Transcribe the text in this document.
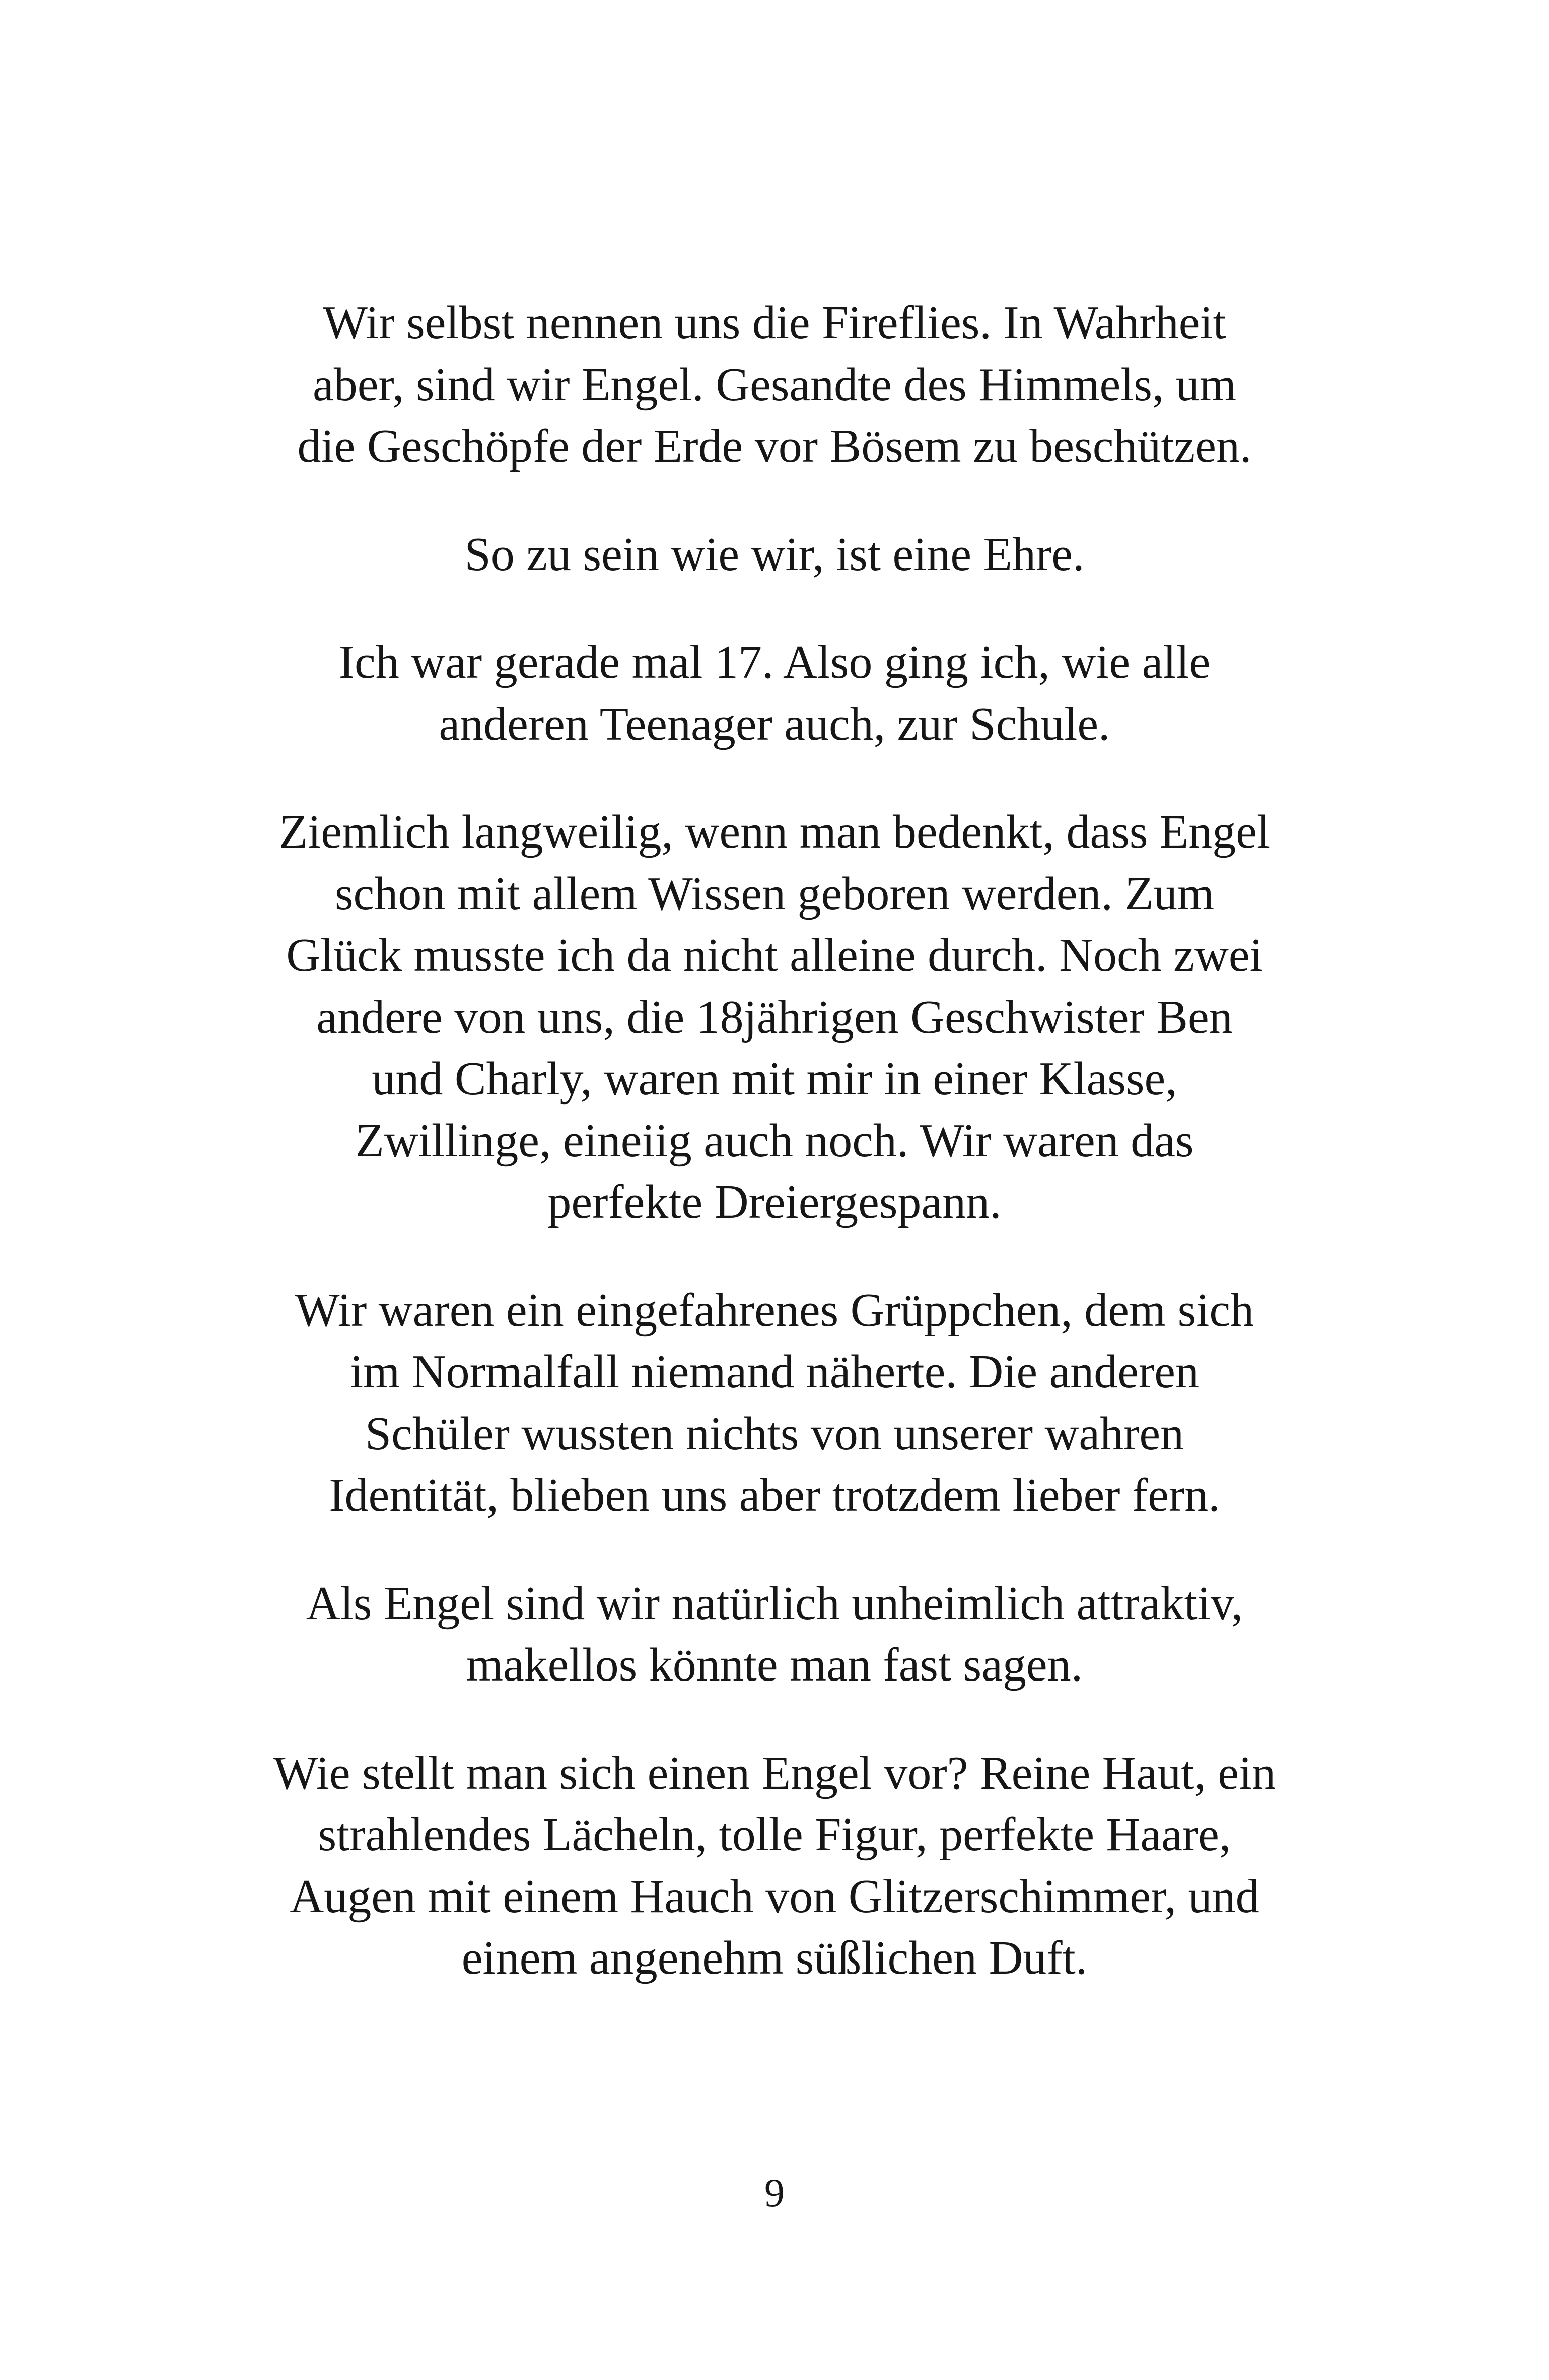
Wir selbst nennen uns die Fireflies. In Wahrheit
aber, sind wir Engel. Gesandte des Himmels, um
die Geschöpfe der Erde vor Bösem zu beschützen.

So zu sein wie wir, ist eine Ehre.

Ich war gerade mal 17. Also ging ich, wie alle
anderen Teenager auch, zur Schule.

Ziemlich langweilig, wenn man bedenkt, dass Engel
schon mit allem Wissen geboren werden. Zum
Glück musste ich da nicht alleine durch. Noch zwei
andere von uns, die 18jährigen Geschwister Ben
und Charly, waren mit mir in einer Klasse,
Zwillinge, eineiig auch noch. Wir waren das
perfekte Dreiergespann.

Wir waren ein eingefahrenes Grüppchen, dem sich
im Normalfall niemand näherte. Die anderen
Schüler wussten nichts von unserer wahren
Identität, blieben uns aber trotzdem lieber fern.

Als Engel sind wir natürlich unheimlich attraktiv,
makellos könnte man fast sagen.

Wie stellt man sich einen Engel vor? Reine Haut, ein
strahlendes Lächeln, tolle Figur, perfekte Haare,
Augen mit einem Hauch von Glitzerschimmer, und
einem angenehm süßlichen Duft.

9
